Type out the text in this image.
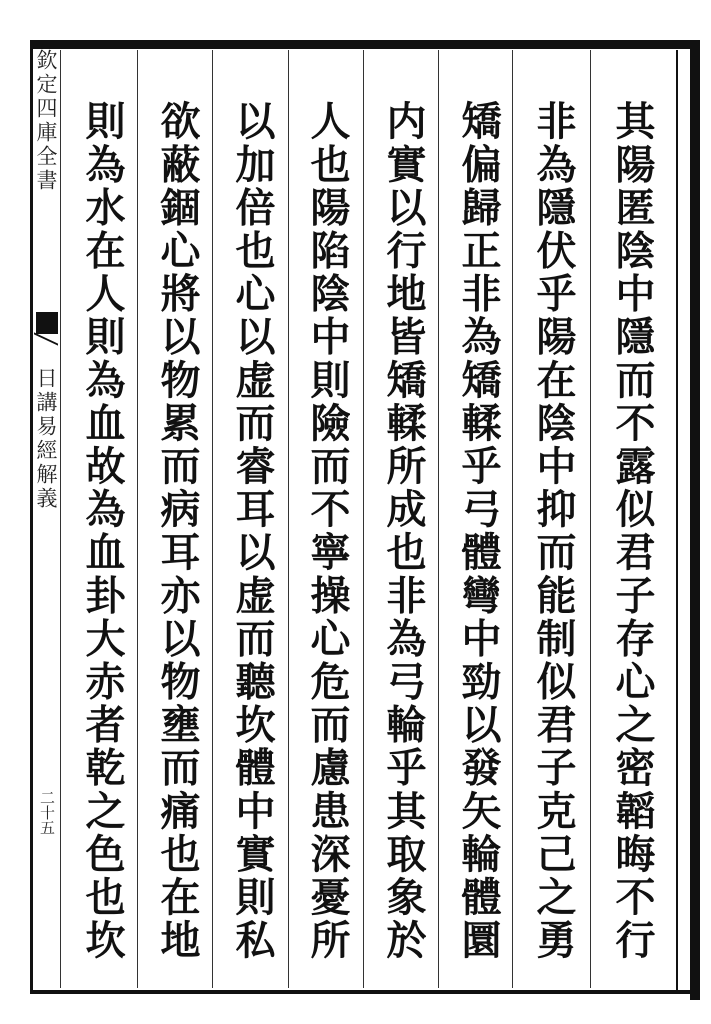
欽定四庫全書
日講易經解義
二十五	其陽匿陰中隱而不露似君子存心之密韜晦不行
非為隱伏乎陽在陰中抑而能制似君子克己之勇
矯偏歸正非為矯輮乎弓體彎中勁以發矢輪體圜
内實以行地皆矯輮所成也非為弓輪乎其取象於
人也陽陷陰中則險而不寧操心危而慮患深憂所
以加倍也心以虚而睿耳以虚而聽坎體中實則私
欲蔽錮心將以物累而病耳亦以物壅而痛也在地
則為水在人則為血故為血卦大赤者乾之色也坎
